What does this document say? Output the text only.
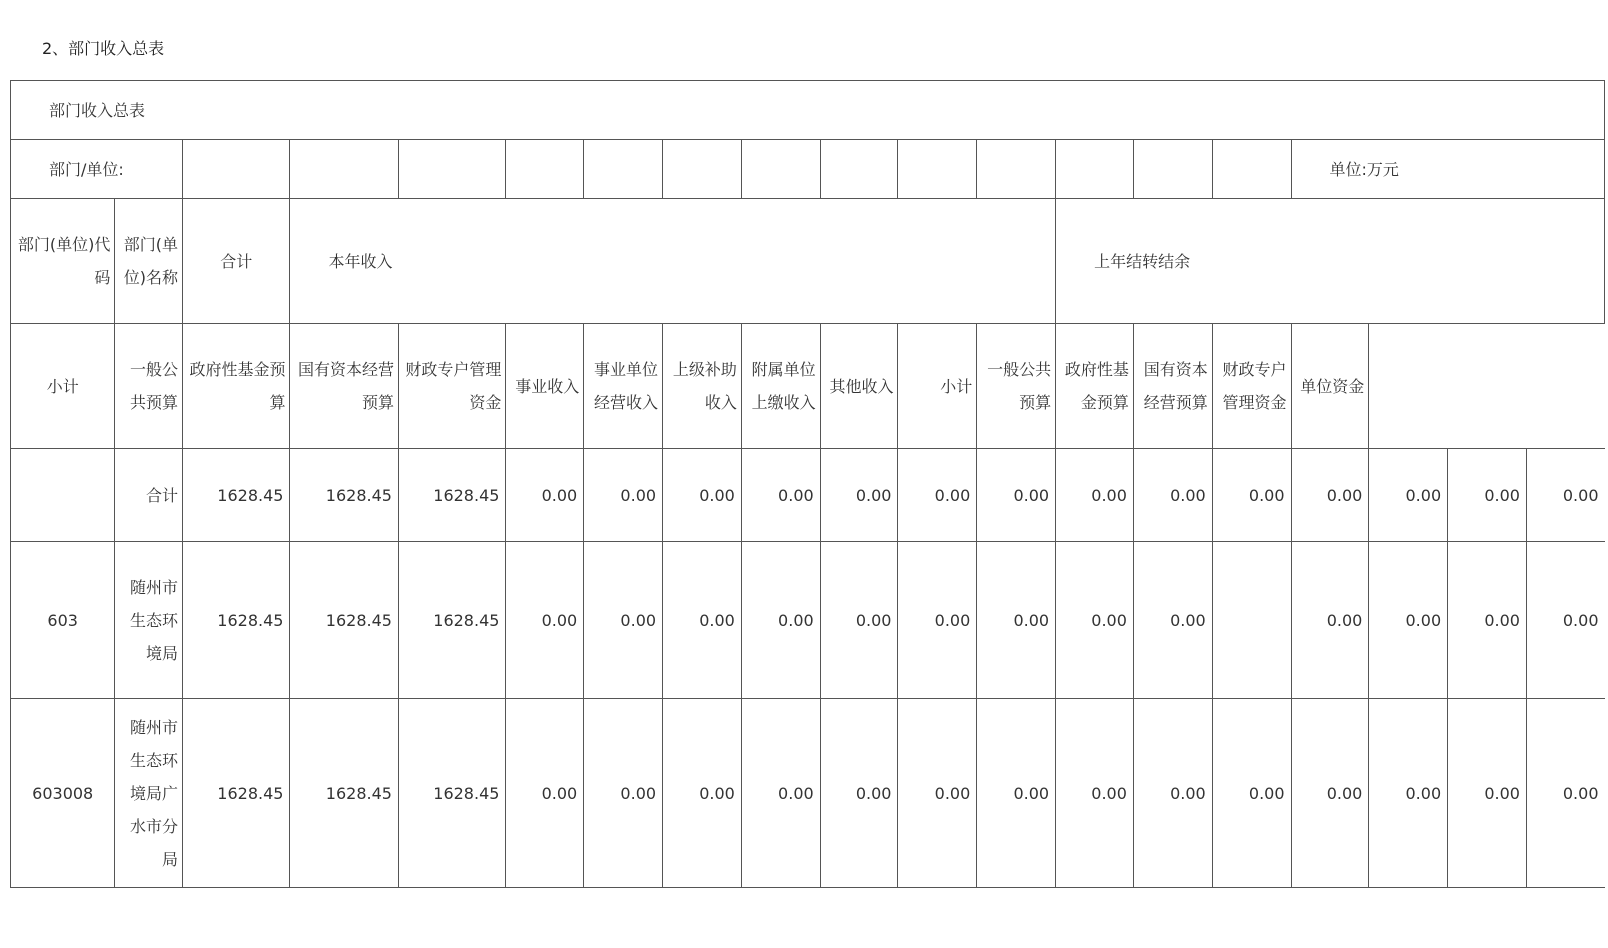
2、部门收入总表
部门收入总表																		
部门/单位:															单位:万元			
部门(单位)代码	部门(单位)名称	合计	本年收入									上年结转结余						
小计	一般公共预算	政府性基金预算	国有资本经营预算	财政专户管理资金	事业收入	事业单位经营收入	上级补助收入	附属单位上缴收入	其他收入	小计	一般公共预算	政府性基金预算	国有资本经营预算	财政专户管理资金	单位资金			
	合计	1628.45	1628.45	1628.45	0.00	0.00	0.00	0.00	0.00	0.00	0.00	0.00	0.00	0.00	0.00	0.00	0.00	0.00
603	随州市生态环境局	1628.45	1628.45	1628.45	0.00	0.00	0.00	0.00	0.00	0.00	0.00	0.00	0.00		0.00	0.00	0.00	0.00
603008	随州市生态环境局广水市分局	1628.45	1628.45	1628.45	0.00	0.00	0.00	0.00	0.00	0.00	0.00	0.00	0.00	0.00	0.00	0.00	0.00	0.00
